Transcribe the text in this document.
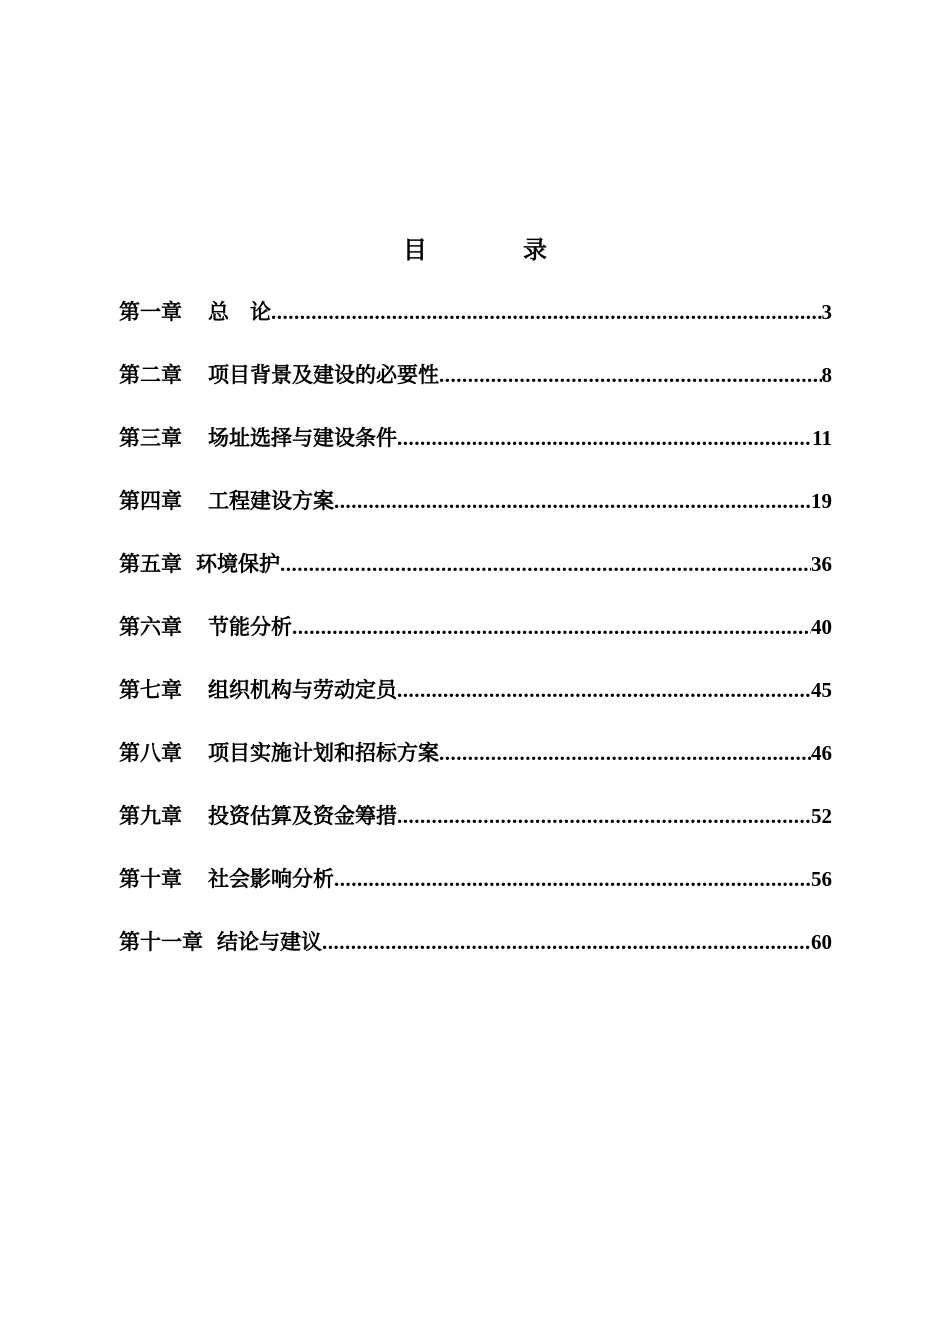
目　录
第一章 总　论 .....	3
第二章 项目背景及建设的必要性 .....	8
第三章 场址选择与建设条件 .....	11
第四章 工程建设方案 .....	19
第五章 环境保护 .....	36
第六章 节能分析 .....	40
第七章 组织机构与劳动定员 .....	45
第八章 项目实施计划和招标方案 .....	46
第九章 投资估算及资金筹措 .....	52
第十章 社会影响分析 .....	56
第十一章 结论与建议 .....	60
